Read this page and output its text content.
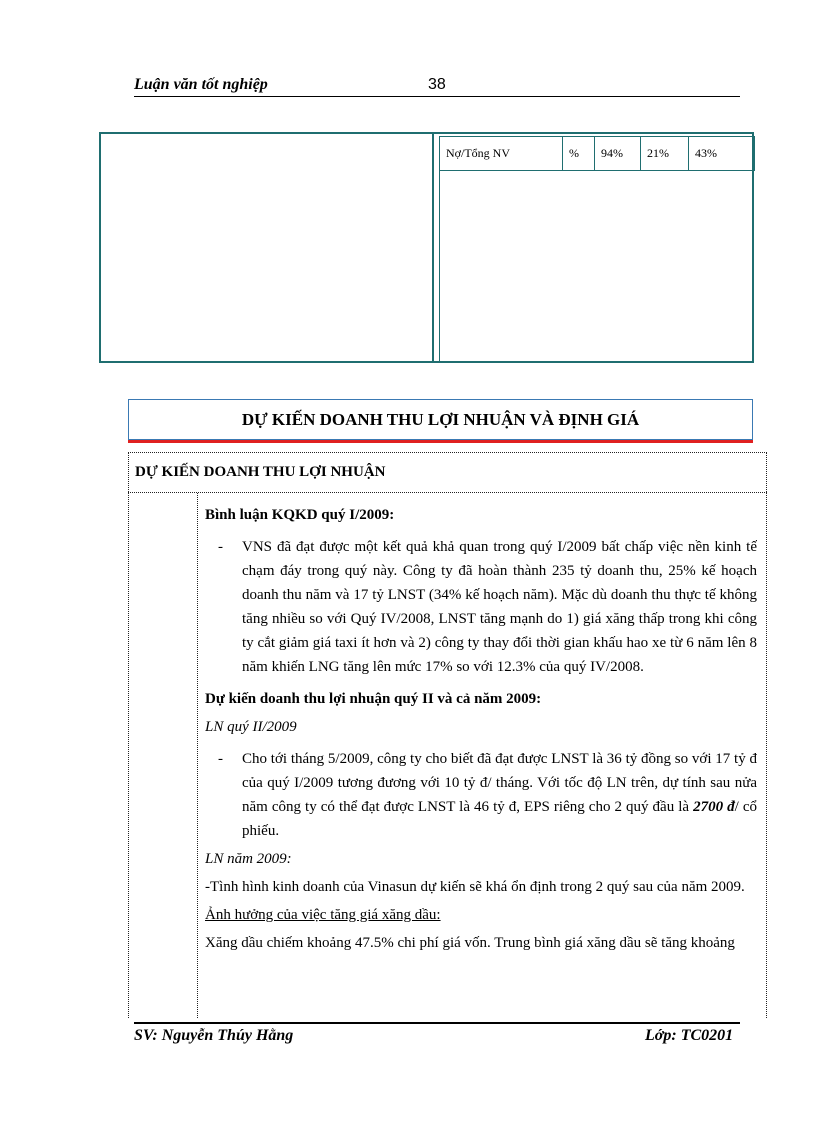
Luận văn tốt nghiệp	38
Nợ/Tổng NV	%	94%	21%	43%
DỰ KIẾN DOANH THU LỢI NHUẬN VÀ ĐỊNH GIÁ
DỰ KIẾN DOANH THU LỢI NHUẬN

Bình luận KQKD quý I/2009:

-	VNS đã đạt được một kết quả khả quan trong quý I/2009 bất chấp việc nền kinh tế chạm đáy trong quý này. Công ty đã hoàn thành 235 tỷ doanh thu, 25% kế hoạch doanh thu năm và 17 tỷ LNST (34% kế hoạch năm). Mặc dù doanh thu thực tế không tăng nhiều so với Quý IV/2008, LNST tăng mạnh do 1) giá xăng thấp trong khi công ty cắt giảm giá taxi ít hơn và 2) công ty thay đổi thời gian khấu hao xe từ 6 năm lên 8 năm khiến LNG tăng lên mức 17% so với 12.3% của quý IV/2008.

Dự kiến doanh thu lợi nhuận quý II và cả năm 2009:

LN quý II/2009

-	Cho tới tháng 5/2009, công ty cho biết đã đạt được LNST là 36 tỷ đồng so với 17 tỷ đ của quý I/2009 tương đương với 10 tỷ đ/ tháng. Với tốc độ LN trên, dự tính sau nửa năm công ty có thể đạt được LNST là 46 tỷ đ, EPS riêng cho 2 quý đầu là 2700 đ/ cổ phiếu.

LN năm 2009:

-Tình hình kinh doanh của Vinasun dự kiến sẽ khá ổn định trong 2 quý sau của năm 2009.

Ảnh hưởng của việc tăng giá xăng dầu:

Xăng dầu chiếm khoảng 47.5% chi phí giá vốn. Trung bình giá xăng dầu sẽ tăng khoảng

SV: Nguyễn Thúy Hằng	Lớp: TC0201
